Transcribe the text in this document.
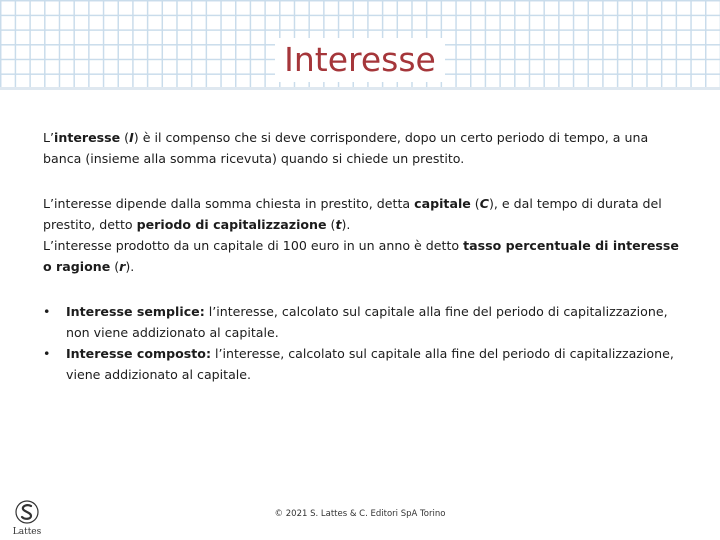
Interesse

L’interesse (I) è il compenso che si deve corrispondere, dopo un certo periodo di tempo, a una banca (insieme alla somma ricevuta) quando si chiede un prestito.

L’interesse dipende dalla somma chiesta in prestito, detta capitale (C), e dal tempo di durata del prestito, detto periodo di capitalizzazione (t).

L’interesse prodotto da un capitale di 100 euro in un anno è detto tasso percentuale di interesse o ragione (r).

• Interesse semplice: l’interesse, calcolato sul capitale alla fine del periodo di capitalizzazione, non viene addizionato al capitale.
• Interesse composto: l’interesse, calcolato sul capitale alla fine del periodo di capitalizzazione, viene addizionato al capitale.
Lattes
© 2021 S. Lattes & C. Editori SpA Torino
